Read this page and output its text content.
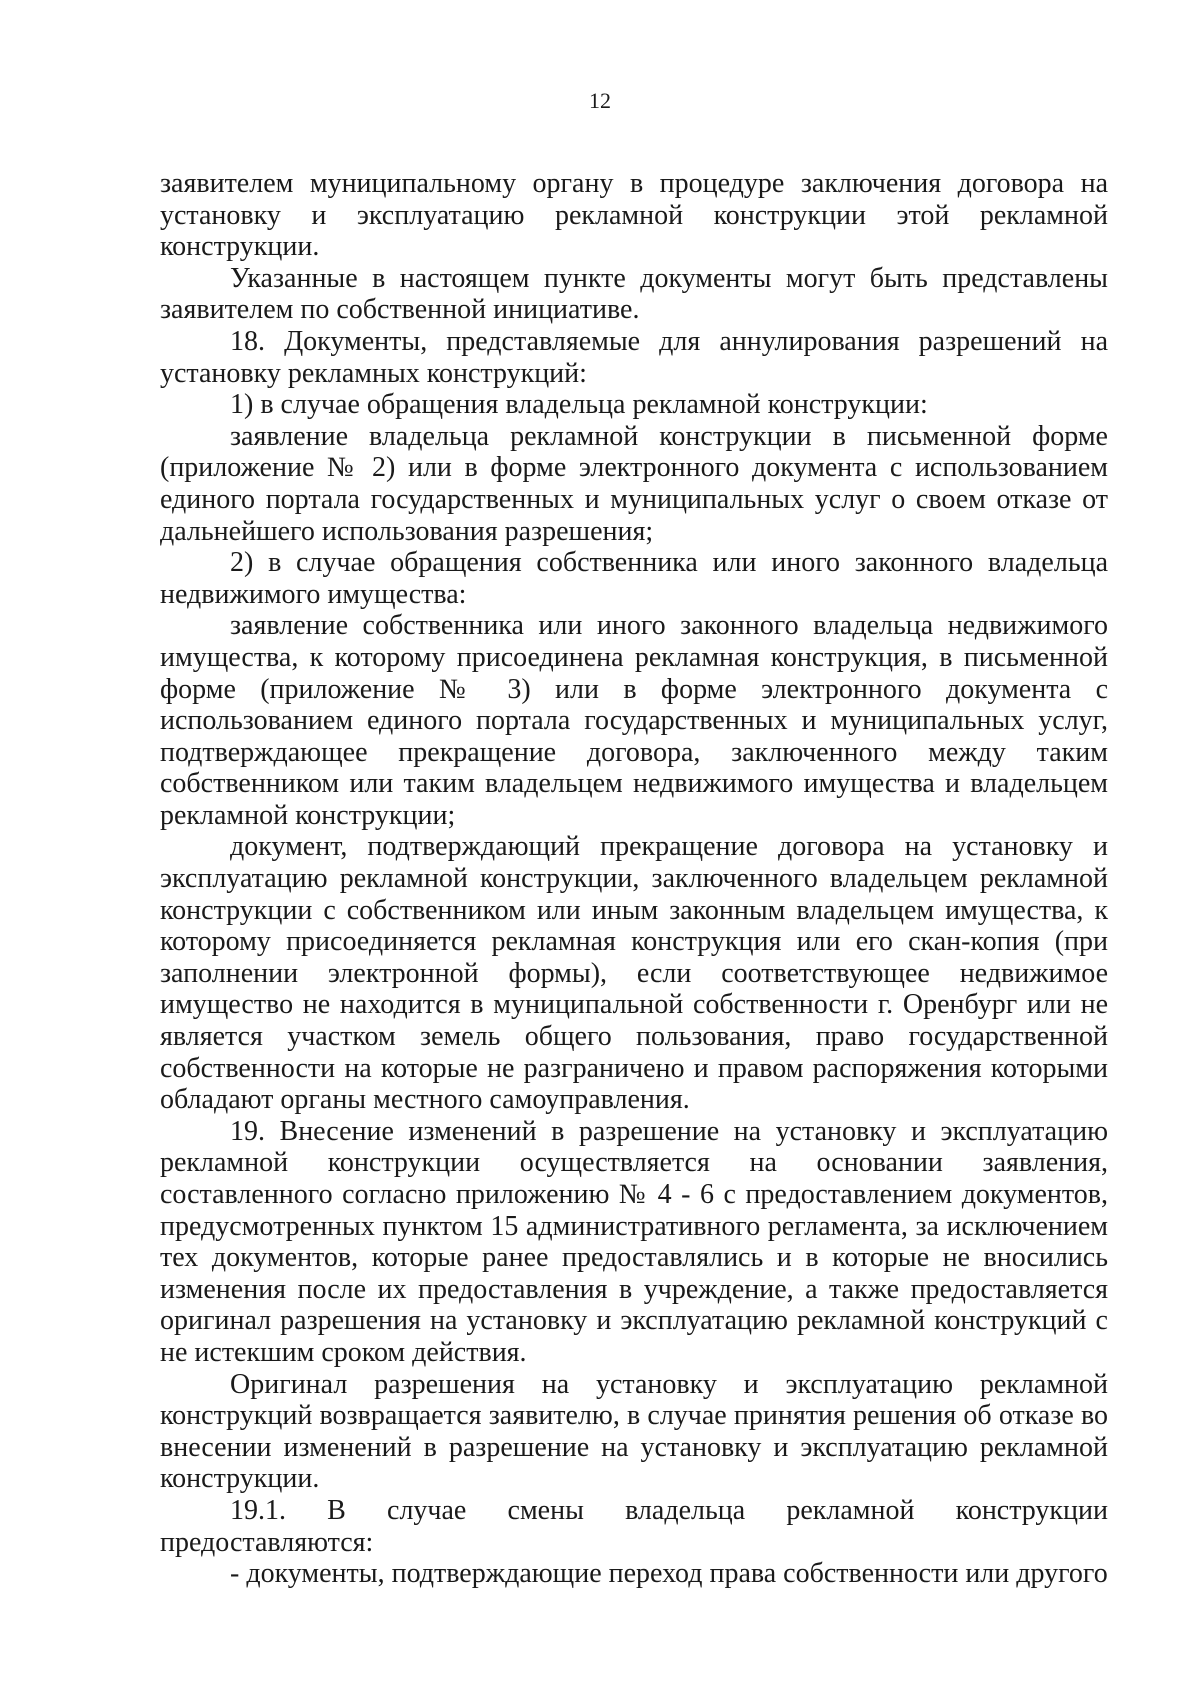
12

заявителем муниципальному органу в процедуре заключения договора на установку и эксплуатацию рекламной конструкции этой рекламной конструкции.

Указанные в настоящем пункте документы могут быть представлены заявителем по собственной инициативе.

18. Документы, представляемые для аннулирования разрешений на установку рекламных конструкций:

1) в случае обращения владельца рекламной конструкции:

заявление владельца рекламной конструкции в письменной форме (приложение № 2) или в форме электронного документа с использованием единого портала государственных и муниципальных услуг о своем отказе от дальнейшего использования разрешения;

2) в случае обращения собственника или иного законного владельца недвижимого имущества:

заявление собственника или иного законного владельца недвижимого имущества, к которому присоединена рекламная конструкция, в письменной форме (приложение № 3) или в форме электронного документа с использованием единого портала государственных и муниципальных услуг, подтверждающее прекращение договора, заключенного между таким собственником или таким владельцем недвижимого имущества и владельцем рекламной конструкции;

документ, подтверждающий прекращение договора на установку и эксплуатацию рекламной конструкции, заключенного владельцем рекламной конструкции с собственником или иным законным владельцем имущества, к которому присоединяется рекламная конструкция или его скан-копия (при заполнении электронной формы), если соответствующее недвижимое имущество не находится в муниципальной собственности г. Оренбург или не является участком земель общего пользования, право государственной собственности на которые не разграничено и правом распоряжения которыми обладают органы местного самоуправления.

19. Внесение изменений в разрешение на установку и эксплуатацию рекламной конструкции осуществляется на основании заявления, составленного согласно приложению № 4 - 6 с предоставлением документов, предусмотренных пунктом 15 административного регламента, за исключением тех документов, которые ранее предоставлялись и в которые не вносились изменения после их предоставления в учреждение, а также предоставляется оригинал разрешения на установку и эксплуатацию рекламной конструкций с не истекшим сроком действия.

Оригинал разрешения на установку и эксплуатацию рекламной конструкций возвращается заявителю, в случае принятия решения об отказе во внесении изменений в разрешение на установку и эксплуатацию рекламной конструкции.

19.1. В случае смены владельца рекламной конструкции предоставляются:

- документы, подтверждающие переход права собственности или другого
